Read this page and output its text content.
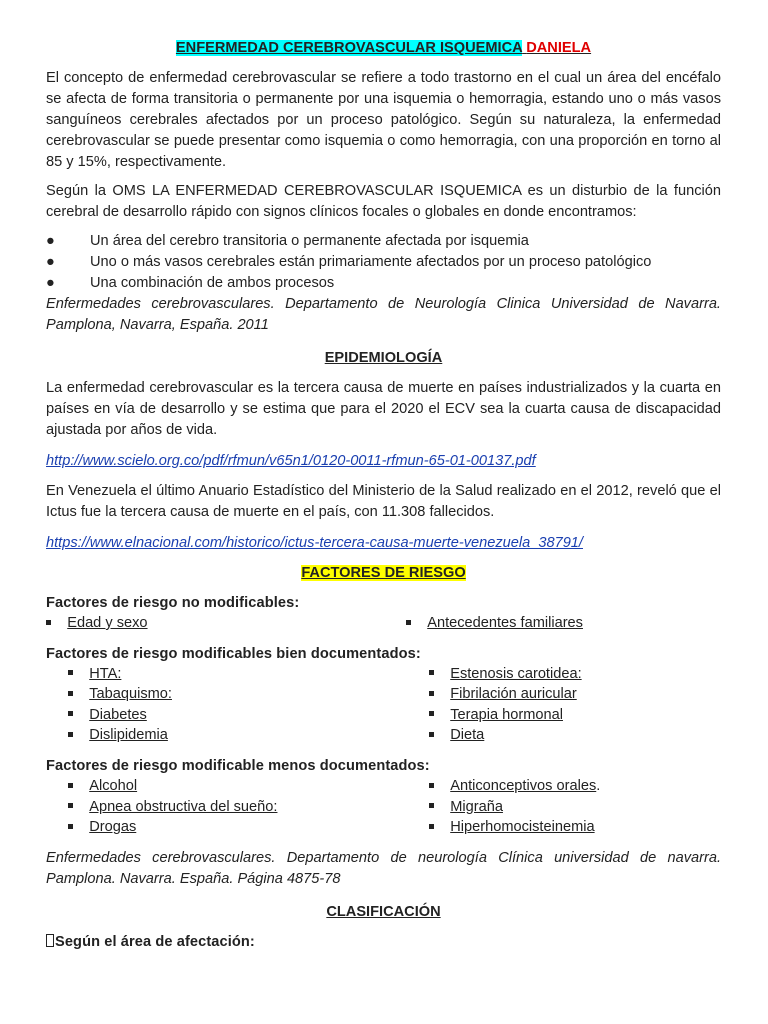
ENFERMEDAD CEREBROVASCULAR ISQUEMICA DANIELA

El concepto de enfermedad cerebrovascular se refiere a todo trastorno en el cual un área del encéfalo se afecta de forma transitoria o permanente por una isquemia o hemorragia, estando uno o más vasos sanguíneos cerebrales afectados por un proceso patológico. Según su naturaleza, la enfermedad cerebrovascular se puede presentar como isquemia o como hemorragia, con una proporción en torno al 85 y 15%, respectivamente.

Según la OMS LA ENFERMEDAD CEREBROVASCULAR ISQUEMICA es un disturbio de la función cerebral de desarrollo rápido con signos clínicos focales o globales en donde encontramos:

● Un área del cerebro transitoria o permanente afectada por isquemia
● Uno o más vasos cerebrales están primariamente afectados por un proceso patológico
● Una combinación de ambos procesos

Enfermedades cerebrovasculares. Departamento de Neurología Clinica Universidad de Navarra. Pamplona, Navarra, España. 2011

EPIDEMIOLOGÍA

La enfermedad cerebrovascular es la tercera causa de muerte en países industrializados y la cuarta en países en vía de desarrollo y se estima que para el 2020 el ECV sea la cuarta causa de discapacidad ajustada por años de vida.

http://www.scielo.org.co/pdf/rfmun/v65n1/0120-0011-rfmun-65-01-00137.pdf

En Venezuela el último Anuario Estadístico del Ministerio de la Salud realizado en el 2012, reveló que el Ictus fue la tercera causa de muerte en el país, con 11.308 fallecidos.

https://www.elnacional.com/historico/ictus-tercera-causa-muerte-venezuela_38791/

FACTORES DE RIESGO

Factores de riesgo no modificables:

Edad y sexo	Antecedentes familiares

Factores de riesgo modificables bien documentados:

HTA:	Estenosis carotidea:
Tabaquismo:	Fibrilación auricular
Diabetes	Terapia hormonal
Dislipidemia	Dieta

Factores de riesgo modificable menos documentados:

Alcohol	Anticonceptivos orales.
Apnea obstructiva del sueño:	Migraña
Drogas	Hiperhomocisteinemia

Enfermedades cerebrovasculares. Departamento de neurología Clínica universidad de navarra. Pamplona. Navarra. España. Página 4875-78

CLASIFICACIÓN

Según el área de afectación:
